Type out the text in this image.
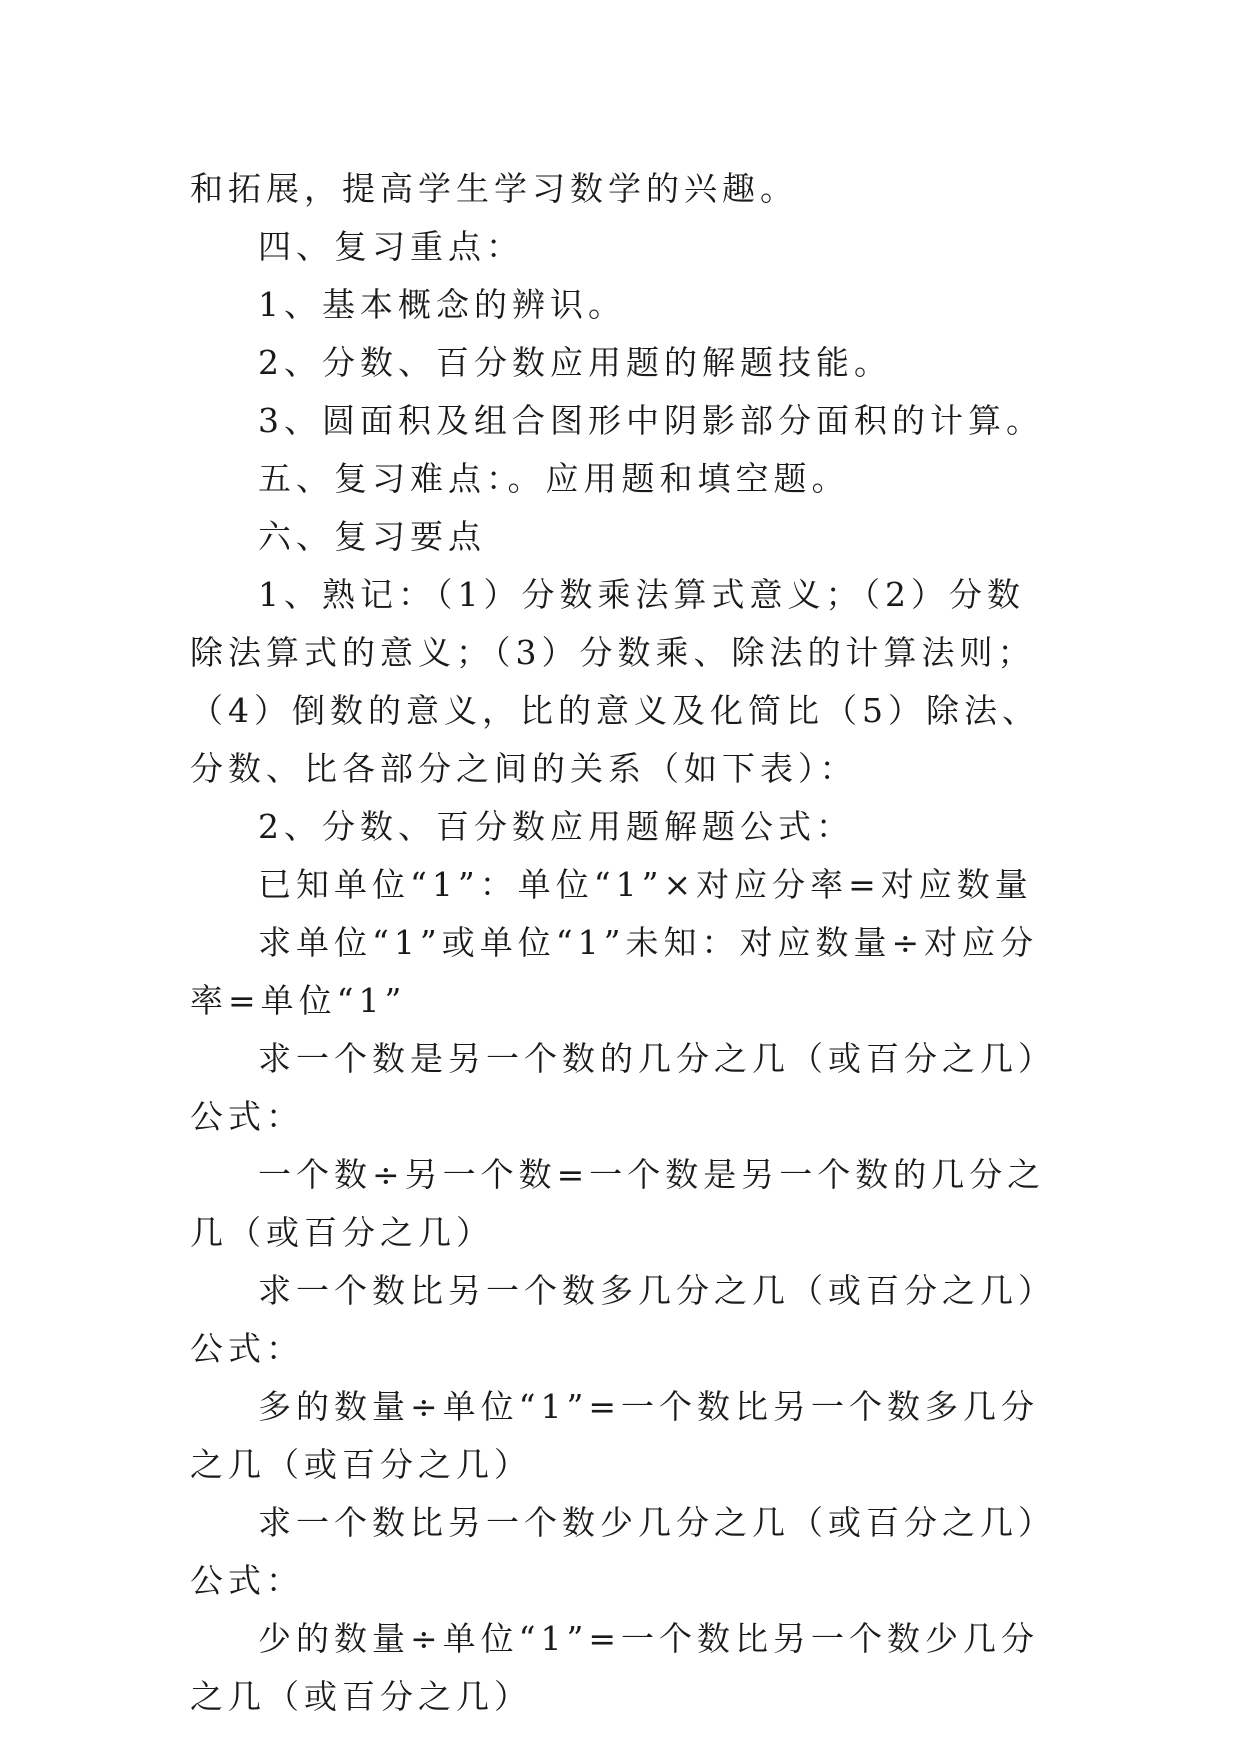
和拓展，提高学生学习数学的兴趣。

四、复习重点：

1、基本概念的辨识。

2、分数、百分数应用题的解题技能。

3、圆面积及组合图形中阴影部分面积的计算。

五、复习难点：。应用题和填空题。

六、复习要点

1、熟记：（1）分数乘法算式意义；（2）分数除法算式的意义；（3）分数乘、除法的计算法则；（4）倒数的意义，比的意义及化简比（5）除法、分数、比各部分之间的关系（如下表）：

2、分数、百分数应用题解题公式：

已知单位“1”：单位“1”×对应分率=对应数量

求单位“1”或单位“1”未知：对应数量÷对应分率=单位“1”

求一个数是另一个数的几分之几（或百分之几）公式：

一个数÷另一个数=一个数是另一个数的几分之几（或百分之几）

求一个数比另一个数多几分之几（或百分之几）公式：

多的数量÷单位“1”=一个数比另一个数多几分之几（或百分之几）

求一个数比另一个数少几分之几（或百分之几）公式：

少的数量÷单位“1”=一个数比另一个数少几分之几（或百分之几）
